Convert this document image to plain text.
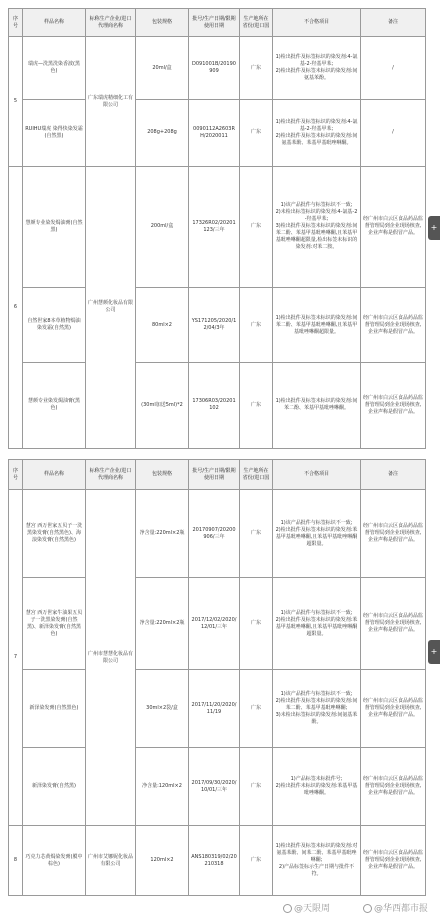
序号	样品名称	标称生产企业/进口代理商名称	包装规格	批号/生产日期/限期使用日期	生产地所在省份/进口国	不合格项目	备注
5	瑞虎—洗黑洗染香波(黑色)	广东瑞虎精细化工有限公司	20ml/盒	D091001B/20190909	广东	1)检出批件及标签标识的染发剂:4-氯基-2-羟基甲苯;
2)检出批件及标签未标识的染发剂:间氨基苯酚。	/
	RUIHU瑞虎 染得快染发霜(自然黑)		208g+208g	0090112A2603RH/2020011	广东	1)检出批件及标签标识的染发剂:4-氯基-2-羟基甲苯;
2)检出批件及标签未标识的染发剂:间氨基苯酚、苯基甲基吡唑啉酮。	/
6	慧颜专业染发焗油膏(自然黑)	广州慧颜化妆品有限公司	200ml/盒	17326R02/20201123/三年	广东	1)该产品批件与标签标识不一致;
2)未检出标签标识的染发剂:4-氯基-2-羟基甲苯;
3)检出批件及标签未标识的染发剂:间苯二酚、苯基甲基吡唑啉酮,且苯基甲基吡唑啉酮超限量,检出标签未标识的染发剂:对苯二胺。	经广州市白云区食品药品监督管理局到企业现场核查,企业声称是假冒产品。
	自然世家8本草植物焗油染发霜(自然黑)		80ml×2	YS171205/2020/12/04/3年	广东	1)检出批件及标签未标识的染发剂:间苯二酚、苯基甲基吡唑啉酮,且苯基甲基吡唑啉酮超限量。	经广州市白云区食品药品监督管理局到企业现场核查,企业声称是假冒产品。
	慧颜专业染发焗油膏(黑色)		(30ml加送5ml)*2	17306R03/20201102	广东	1)检出批件及标签未标识的染发剂:间苯二酚、苯基甲基吡唑啉酮。	经广州市白云区食品药品监督管理局到企业现场核查,企业声称是假冒产品。
序号	样品名称	标称生产企业/进口代理商名称	包装规格	批号/生产日期/限期使用日期	生产地所在省份/进口国	不合格项目	备注
7	慧宫 西万世家五贝子一洗黑染发膏(自然黑色)、海浪染发膏(自然黑色)	广州市慧慧化妆品有限公司	净含量:220ml×2瓶	20170907/20200906/三年	广东	1)该产品批件与标签标识不一致;
2)检出批件及标签未标识的染发剂:苯基甲基吡唑啉酮,且苯基甲基吡唑啉酮超限量。	经广州市白云区食品药品监督管理局到企业现场核查,企业声称是假冒产品。
	慧宫 西万世家牛油果五贝子一洗黑染发膏(自然黑)、新泽染发膏(自然黑色)		净含量:220ml×2瓶	2017/12/02/2020/12/01/三年	广东	1)该产品批件与标签标识不一致;
2)检出批件及标签未标识的染发剂:苯基甲基吡唑啉酮,且苯基甲基吡唑啉酮超限量。	经广州市白云区食品药品监督管理局到企业现场核查,企业声称是假冒产品。
	新泽染发膏(自然黑色)		30ml×2袋/盒	2017/11/20/2020/11/19	广东	1)该产品批件与标签标识不一致;
2)检出批件及标签未标识的染发剂:间苯二酚、苯基甲基吡唑啉酮;
3)未检出标签标识的染发剂:间氨基苯酚。	经广州市白云区食品药品监督管理局到企业现场核查,企业声称是假冒产品。
	新泽染发膏(自然黑)		净含量:120ml×2	2017/09/30/2020/10/01/三年	广东	1)产品标签未标批件号;
2)检出批件未标识的染发剂:苯基甲基吡唑啉酮。	经广州市白云区食品药品监督管理局到企业现场核查,企业声称是假冒产品。
8	巧克力芯黄焗染发膏(膜中棕色)	广州市艾娜妮化妆品有限公司	120ml×2	ANS180319/02/20210318	广东	1)检出批件及标签未标识的染发剂:对氨基苯酚、间苯二酚、苯基甲基吡唑啉酮;
2)产品标签标示生产日期与批件不符。	经广州市白云区食品药品监督管理局到企业现场核查,企业声称是假冒产品。
+
+
@天限周	@华西都市报
